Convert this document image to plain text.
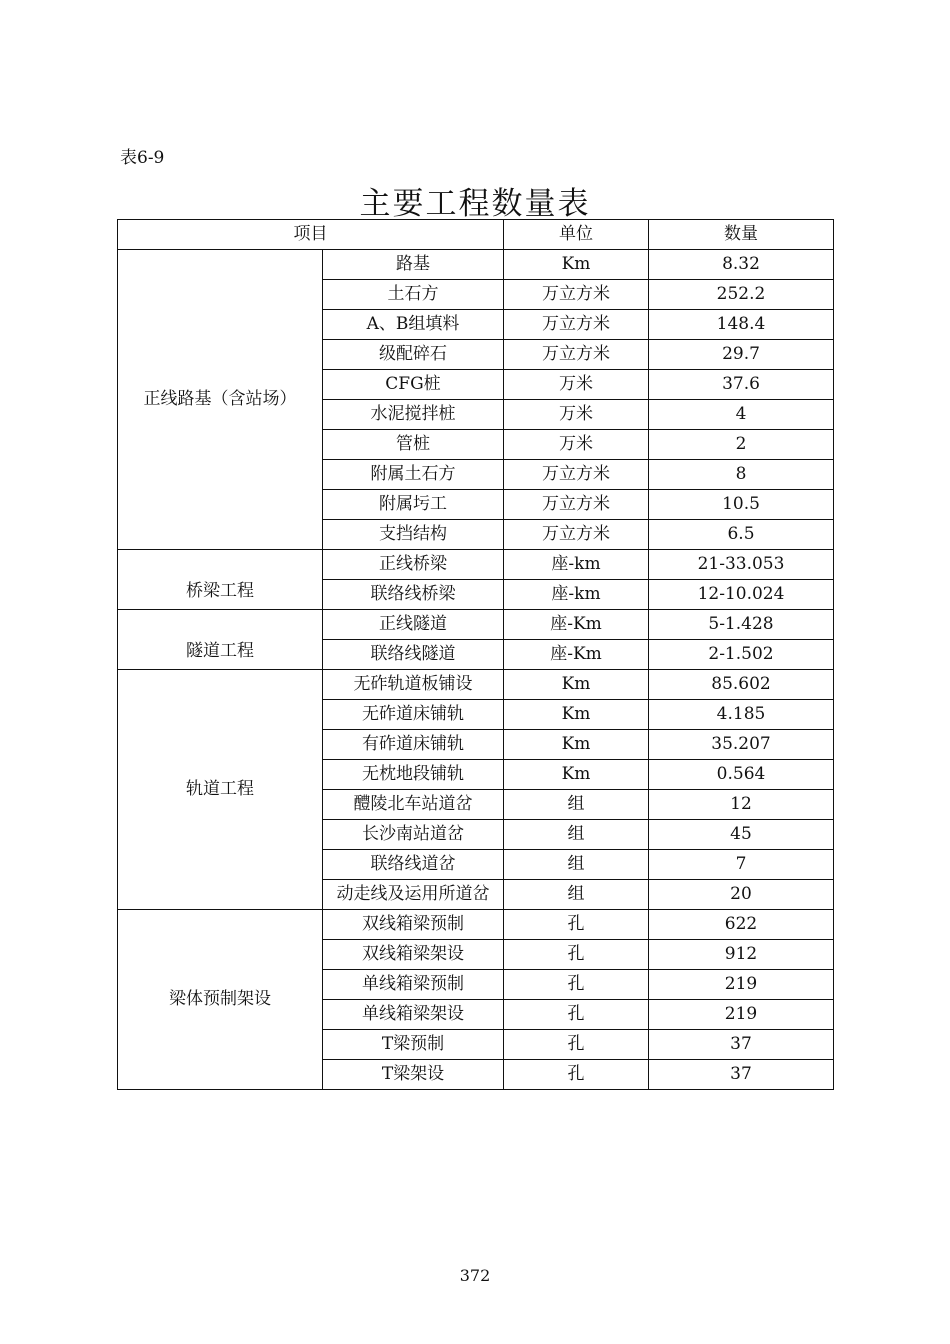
表6-9
主要工程数量表
项目		单位	数量
正线路基（含站场）	路基	Km	8.32
	土石方	万立方米	252.2
	A、B组填料	万立方米	148.4
	级配碎石	万立方米	29.7
	CFG桩	万米	37.6
	水泥搅拌桩	万米	4
	管桩	万米	2
	附属土石方	万立方米	8
	附属圬工	万立方米	10.5
	支挡结构	万立方米	6.5
桥梁工程	正线桥梁	座-km	21-33.053
	联络线桥梁	座-km	12-10.024
隧道工程	正线隧道	座-Km	5-1.428
	联络线隧道	座-Km	2-1.502
轨道工程	无砟轨道板铺设	Km	85.602
	无砟道床铺轨	Km	4.185
	有砟道床铺轨	Km	35.207
	无枕地段铺轨	Km	0.564
	醴陵北车站道岔	组	12
	长沙南站道岔	组	45
	联络线道岔	组	7
	动走线及运用所道岔	组	20
梁体预制架设	双线箱梁预制	孔	622
	双线箱梁架设	孔	912
	单线箱梁预制	孔	219
	单线箱梁架设	孔	219
	T梁预制	孔	37
	T梁架设	孔	37
372
